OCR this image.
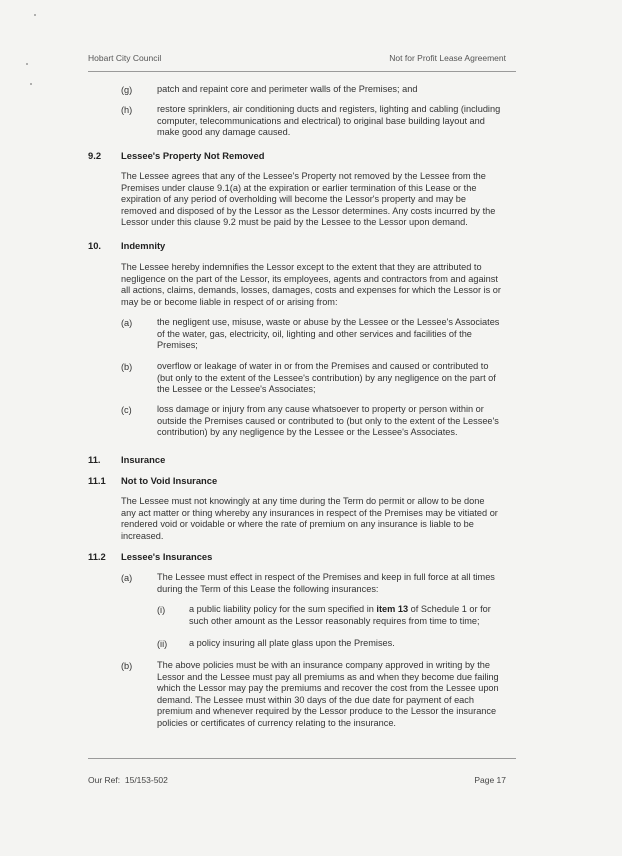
Hobart City Council	Not for Profit Lease Agreement
(g)	patch and repaint core and perimeter walls of the Premises; and
(h)	restore sprinklers, air conditioning ducts and registers, lighting and cabling (including
computer, telecommunications and electrical) to original base building layout and
make good any damage caused.
9.2 Lessee's Property Not Removed
The Lessee agrees that any of the Lessee's Property not removed by the Lessee from the
Premises under clause 9.1(a) at the expiration or earlier termination of this Lease or the
expiration of any period of overholding will become the Lessor's property and may be
removed and disposed of by the Lessor as the Lessor determines. Any costs incurred by the
Lessor under this clause 9.2 must be paid by the Lessee to the Lessor upon demand.
10. Indemnity
The Lessee hereby indemnifies the Lessor except to the extent that they are attributed to
negligence on the part of the Lessor, its employees, agents and contractors from and against
all actions, claims, demands, losses, damages, costs and expenses for which the Lessor is or
may be or become liable in respect of or arising from:
(a)	the negligent use, misuse, waste or abuse by the Lessee or the Lessee's Associates
of the water, gas, electricity, oil, lighting and other services and facilities of the
Premises;
(b)	overflow or leakage of water in or from the Premises and caused or contributed to
(but only to the extent of the Lessee's contribution) by any negligence on the part of
the Lessee or the Lessee's Associates;
(c)	loss damage or injury from any cause whatsoever to property or person within or
outside the Premises caused or contributed to (but only to the extent of the Lessee's
contribution) by any negligence by the Lessee or the Lessee's Associates.
11. Insurance
11.1 Not to Void Insurance
The Lessee must not knowingly at any time during the Term do permit or allow to be done
any act matter or thing whereby any insurances in respect of the Premises may be vitiated or
rendered void or voidable or where the rate of premium on any insurance is liable to be
increased.
11.2 Lessee's Insurances
(a)	The Lessee must effect in respect of the Premises and keep in full force at all times
during the Term of this Lease the following insurances:
(i)	a public liability policy for the sum specified in item 13 of Schedule 1 or for
such other amount as the Lessor reasonably requires from time to time;
(ii) a policy insuring all plate glass upon the Premises.
(b)	The above policies must be with an insurance company approved in writing by the
Lessor and the Lessee must pay all premiums as and when they become due failing
which the Lessor may pay the premiums and recover the cost from the Lessee upon
demand. The Lessee must within 30 days of the due date for payment of each
premium and whenever required by the Lessor produce to the Lessor the insurance
policies or certificates of currency relating to the insurance.
Our Ref: 15/153-502	Page 17
